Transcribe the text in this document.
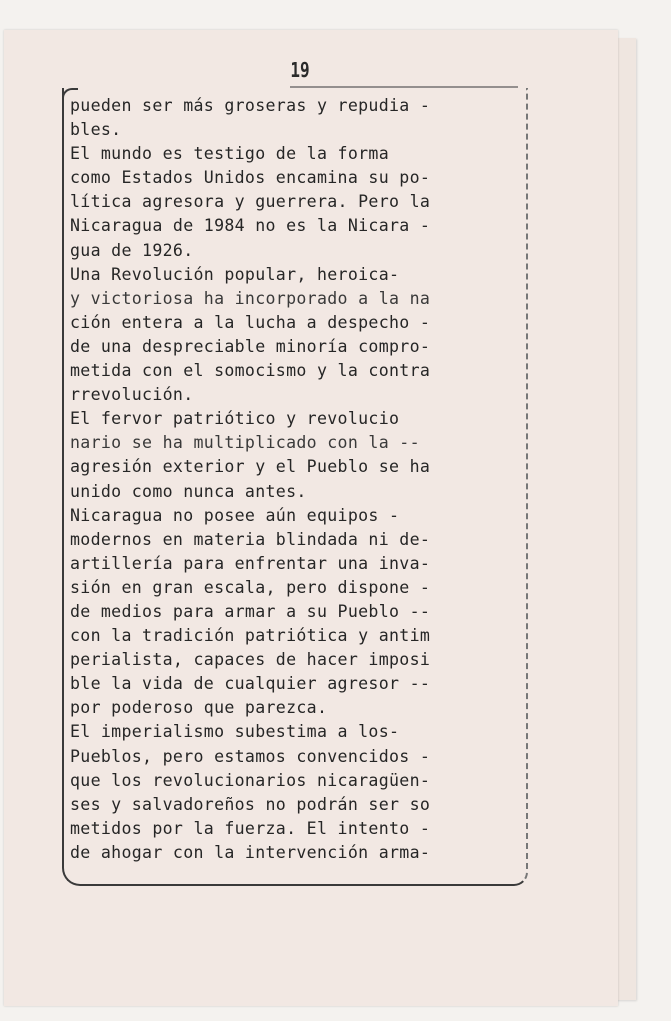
19
pueden ser más groseras y repudia -
bles.
El mundo es testigo de la forma
como Estados Unidos encamina su po-
lítica agresora y guerrera. Pero la
Nicaragua de 1984 no es la Nicara -
gua de 1926.
Una Revolución popular, heroica-
y victoriosa ha incorporado a la na
ción entera a la lucha a despecho -
de una despreciable minoría compro-
metida con el somocismo y la contra
rrevolución.
El fervor patriótico y revolucio
nario se ha multiplicado con la --
agresión exterior y el Pueblo se ha
unido como nunca antes.
Nicaragua no posee aún equipos -
modernos en materia blindada ni de-
artillería para enfrentar una inva-
sión en gran escala, pero dispone -
de medios para armar a su Pueblo --
con la tradición patriótica y antim
perialista, capaces de hacer imposi
ble la vida de cualquier agresor --
por poderoso que parezca.
El imperialismo subestima a los-
Pueblos, pero estamos convencidos -
que los revolucionarios nicaragüen-
ses y salvadoreños no podrán ser so
metidos por la fuerza. El intento -
de ahogar con la intervención arma-
